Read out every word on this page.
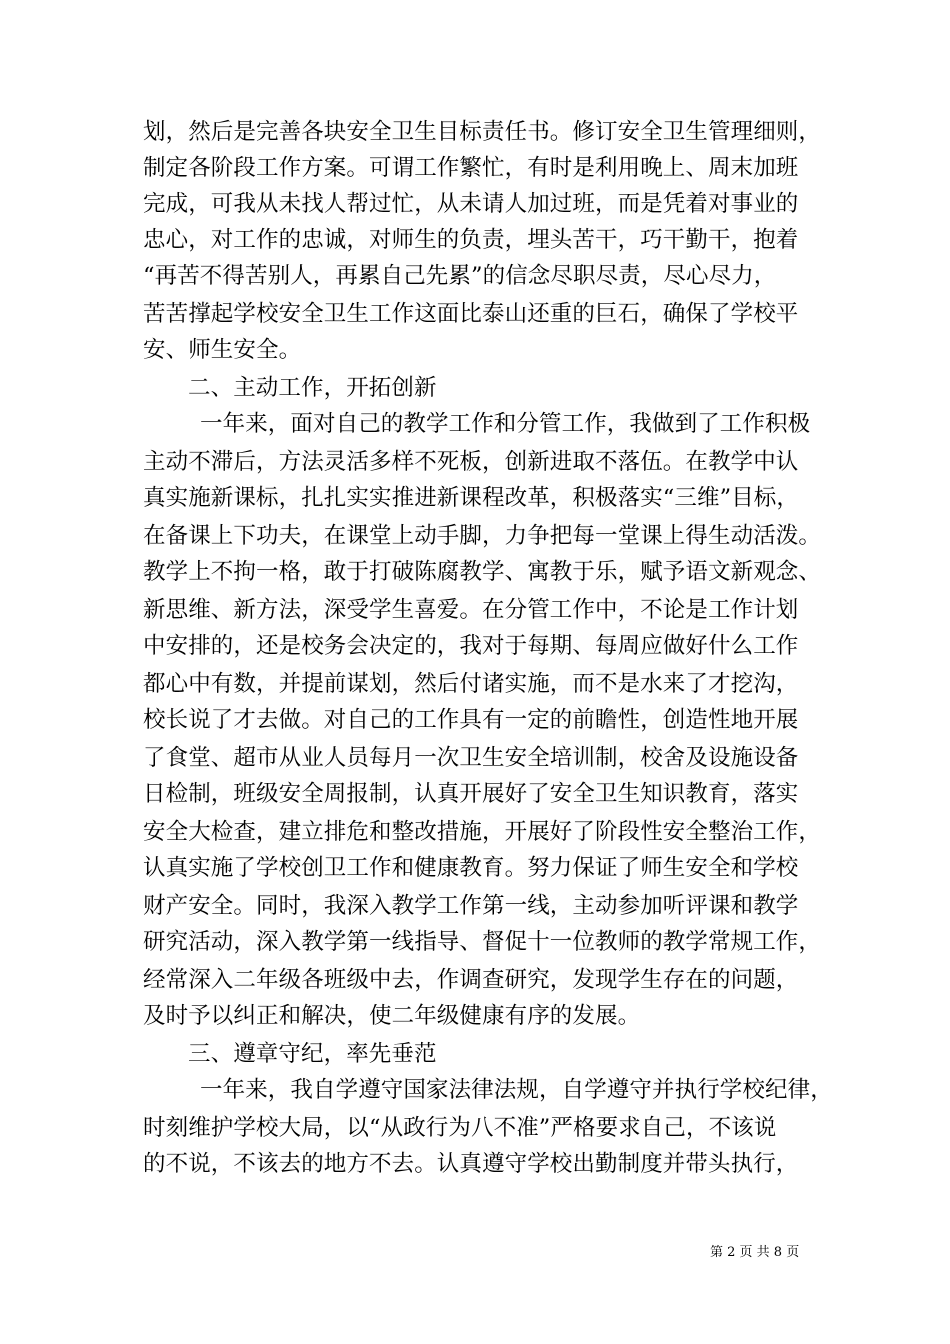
划，然后是完善各块安全卫生目标责任书。修订安全卫生管理细则，
制定各阶段工作方案。可谓工作繁忙，有时是利用晚上、周末加班
完成，可我从未找人帮过忙，从未请人加过班，而是凭着对事业的
忠心，对工作的忠诚，对师生的负责，埋头苦干，巧干勤干，抱着
“再苦不得苦别人，再累自己先累”的信念尽职尽责，尽心尽力，
苦苦撑起学校安全卫生工作这面比泰山还重的巨石，确保了学校平
安、师生安全。
二、主动工作，开拓创新
一年来，面对自己的教学工作和分管工作，我做到了工作积极
主动不滞后，方法灵活多样不死板，创新进取不落伍。在教学中认
真实施新课标，扎扎实实推进新课程改革，积极落实“三维”目标，
在备课上下功夫，在课堂上动手脚，力争把每一堂课上得生动活泼。
教学上不拘一格，敢于打破陈腐教学、寓教于乐，赋予语文新观念、
新思维、新方法，深受学生喜爱。在分管工作中，不论是工作计划
中安排的，还是校务会决定的，我对于每期、每周应做好什么工作
都心中有数，并提前谋划，然后付诸实施，而不是水来了才挖沟，
校长说了才去做。对自己的工作具有一定的前瞻性，创造性地开展
了食堂、超市从业人员每月一次卫生安全培训制，校舍及设施设备
日检制，班级安全周报制，认真开展好了安全卫生知识教育，落实
安全大检查，建立排危和整改措施，开展好了阶段性安全整治工作，
认真实施了学校创卫工作和健康教育。努力保证了师生安全和学校
财产安全。同时，我深入教学工作第一线，主动参加听评课和教学
研究活动，深入教学第一线指导、督促十一位教师的教学常规工作，
经常深入二年级各班级中去，作调查研究，发现学生存在的问题，
及时予以纠正和解决，使二年级健康有序的发展。
三、遵章守纪，率先垂范
一年来，我自学遵守国家法律法规，自学遵守并执行学校纪律，
时刻维护学校大局，以“从政行为八不准”严格要求自己，不该说
的不说，不该去的地方不去。认真遵守学校出勤制度并带头执行，
第 2 页 共 8 页
